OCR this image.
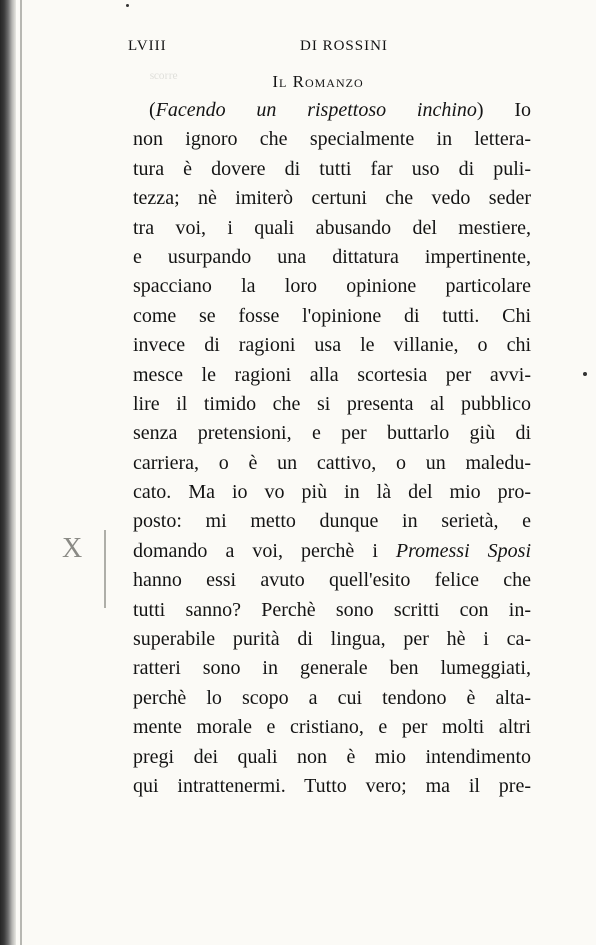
ˢᶜᵒʳʳᵉ
LVIII	DI ROSSINI
Il Romanzo
(Facendo un rispettoso inchino) Io
non ignoro che specialmente in lettera-
tura è dovere di tutti far uso di puli-
tezza; nè imiterò certuni che vedo seder
tra voi, i quali abusando del mestiere,
e usurpando una dittatura impertinente,
spacciano la loro opinione particolare
come se fosse l'opinione di tutti. Chi
invece di ragioni usa le villanie, o chi
mesce le ragioni alla scortesia per avvi-
lire il timido che si presenta al pubblico
senza pretensioni, e per buttarlo giù di
carriera, o è un cattivo, o un maledu-
cato. Ma io vo più in là del mio pro-
posto: mi metto dunque in serietà, e
domando a voi, perchè i Promessi Sposi
hanno essi avuto quell'esito felice che
tutti sanno? Perchè sono scritti con in-
superabile purità di lingua, per hè i ca-
ratteri sono in generale ben lumeggiati,
perchè lo scopo a cui tendono è alta-
mente morale e cristiano, e per molti altri
pregi dei quali non è mio intendimento
qui intrattenermi. Tutto vero; ma il pre-
X
